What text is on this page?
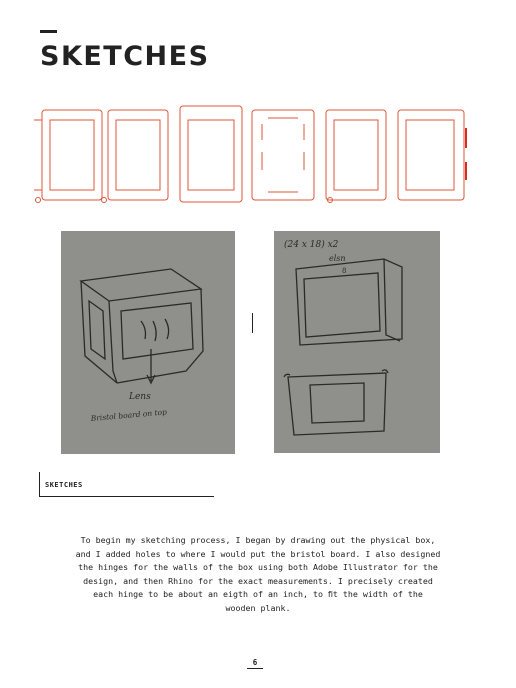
SKETCHES
Lens
Bristol board on top
(24 x 18) x2
elsn
8
SKETCHES
To begin my sketching process, I began by drawing out the physical box,
and I added holes to where I would put the bristol board. I also designed
the hinges for the walls of the box using both Adobe Illustrator for the
design, and then Rhino for the exact measurements. I precisely created
each hinge to be about an eigth of an inch, to ﬁt the width of the
wooden plank.
6
